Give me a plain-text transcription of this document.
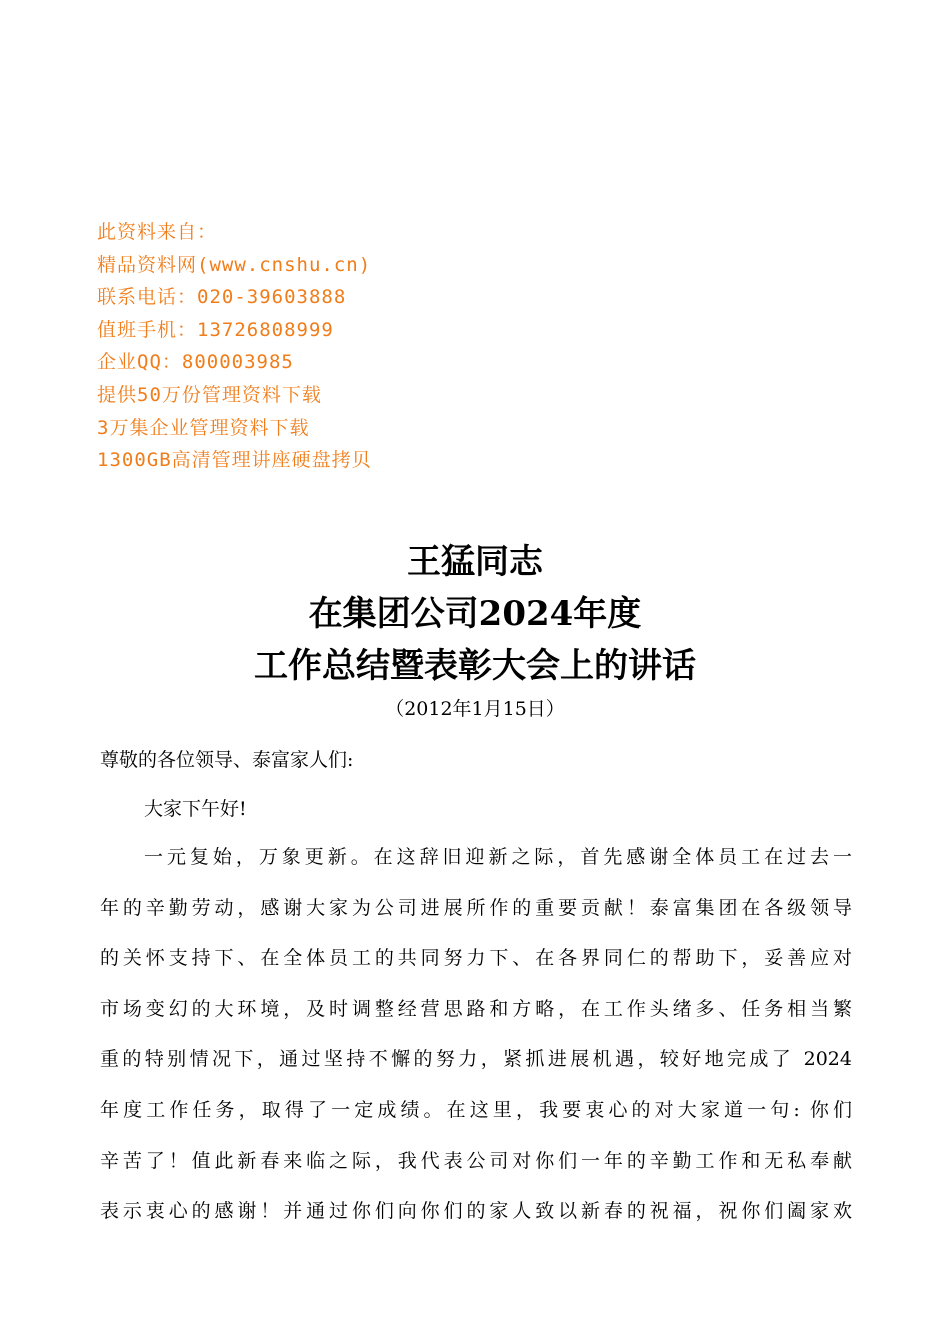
此资料来自：
精品资料网(www.cnshu.cn)
联系电话：020-39603888
值班手机：13726808999
企业QQ：800003985
提供50万份管理资料下载
3万集企业管理资料下载
1300GB高清管理讲座硬盘拷贝
王猛同志
在集团公司2024年度
工作总结暨表彰大会上的讲话
（2012年1月15日）
尊敬的各位领导、泰富家人们:
大家下午好!
一元复始，万象更新。在这辞旧迎新之际，首先感谢全体员工在过去一
年的辛勤劳动，感谢大家为公司进展所作的重要贡献！泰富集团在各级领导
的关怀支持下、在全体员工的共同努力下、在各界同仁的帮助下，妥善应对
市场变幻的大环境，及时调整经营思路和方略，在工作头绪多、任务相当繁
重的特别情况下，通过坚持不懈的努力，紧抓进展机遇，较好地完成了 2024
年度工作任务，取得了一定成绩。在这里，我要衷心的对大家道一句: 你们
辛苦了！值此新春来临之际，我代表公司对你们一年的辛勤工作和无私奉献
表示衷心的感谢！并通过你们向你们的家人致以新春的祝福，祝你们阖家欢
